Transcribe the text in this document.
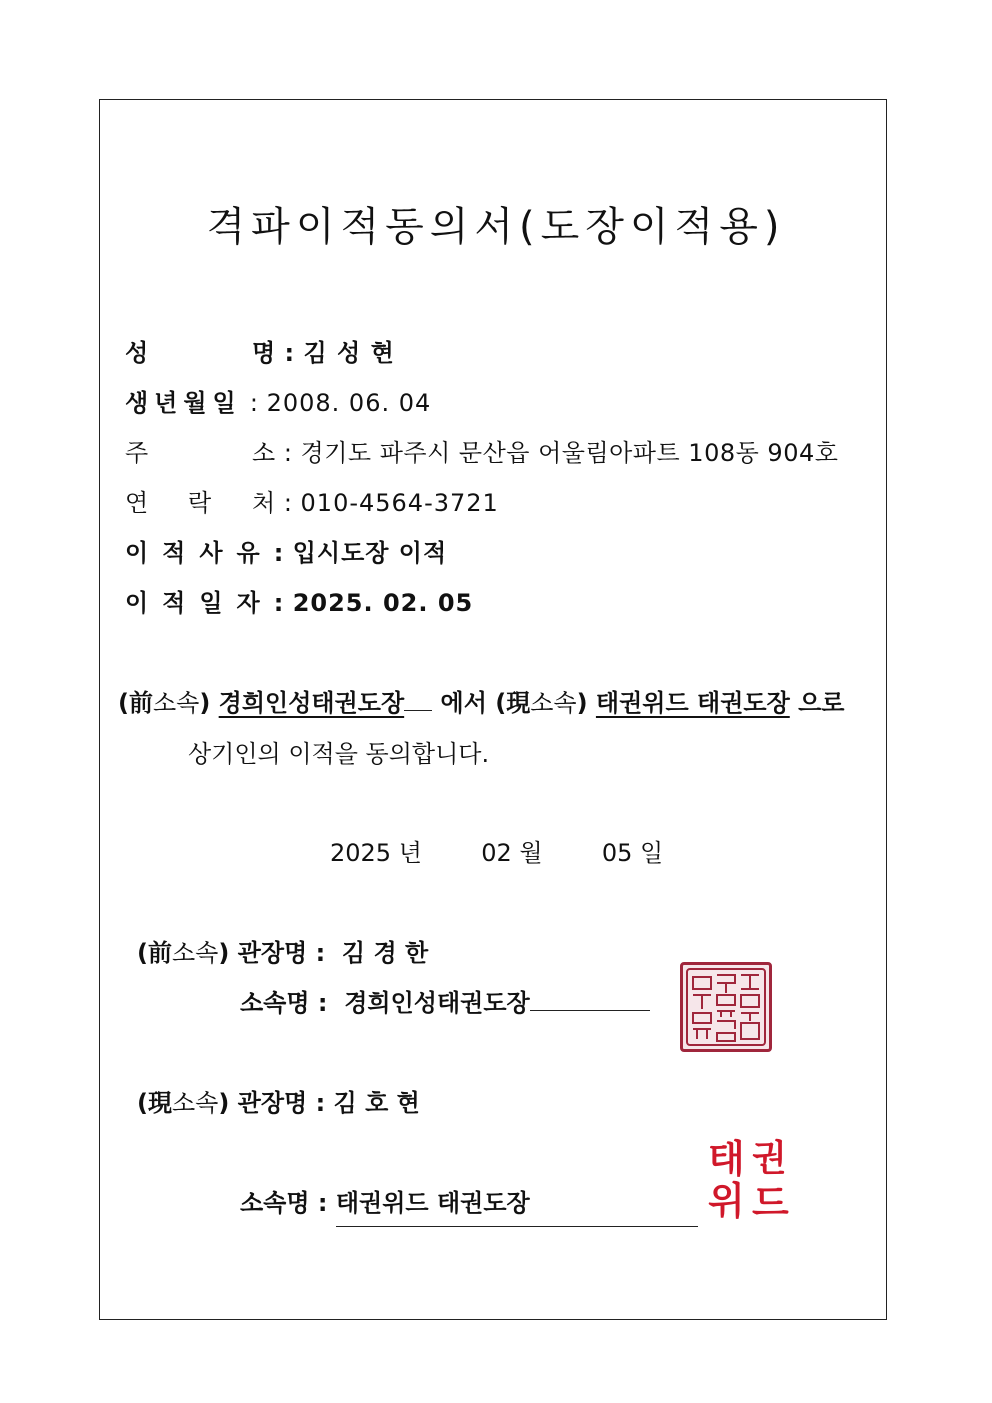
격파이적동의서(도장이적용)
성	명 : 김 성 현
생년월일 : 2008. 06. 04
주	소 : 경기도 파주시 문산읍 어울림아파트 108동 904호
연 락 처 : 010-4564-3721
이적사유: 입시도장 이적
이적일자: 2025. 02. 05
(前소속) 경희인성태권도장 에서 (現소속) 태권위드 태권도장 으로
상기인의 이적을 동의합니다.
2025 년 02 월 05 일
(前소속) 관장명 :  김 경 한
소속명 :  경희인성태권도장
(現소속) 관장명 : 김 호 현
소속명 : 태권위드 태권도장
태 권
위 드
